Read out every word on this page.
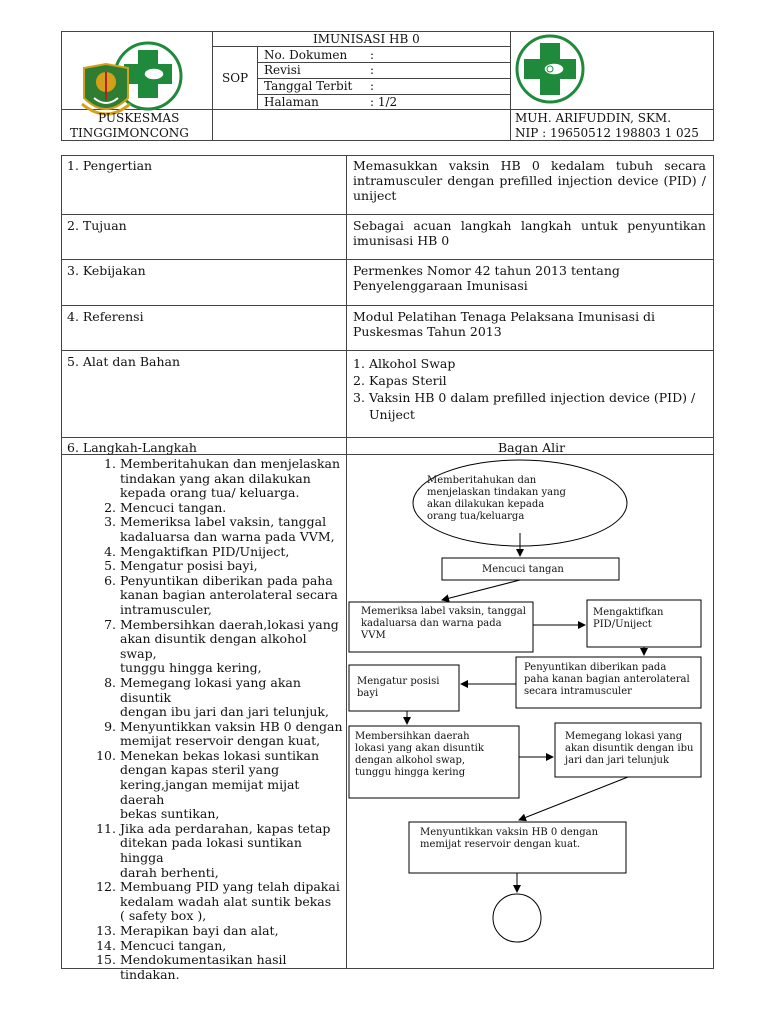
IMUNISASI HB 0
SOP
No. Dokumen :
Revisi	:
Tanggal Terbit :
Halaman	: 1/2
PUSKESMAS
TINGGIMONCONG
MUH. ARIFUDDIN, SKM.
NIP : 19650512 198803 1 025
1. Pengertian	Memasukkan vaksin HB 0 kedalam tubuh secara intramusculer dengan prefilled injection device (PID) / uniject
2. Tujuan	Sebagai acuan langkah langkah untuk penyuntikan imunisasi HB 0
3. Kebijakan	Permenkes Nomor 42 tahun 2013 tentang
Penyelenggaraan Imunisasi
4. Referensi	Modul Pelatihan Tenaga Pelaksana Imunisasi di
Puskesmas Tahun 2013
5. Alat dan Bahan	1. Alkohol Swap
2. Kapas Steril
3. Vaksin HB 0 dalam prefilled injection device (PID) /
Uniject
6. Langkah-Langkah	Bagan Alir
1. Memberitahukan dan menjelaskan
tindakan yang akan dilakukan
kepada orang tua/ keluarga.
2. Mencuci tangan.
3. Memeriksa label vaksin, tanggal
kadaluarsa dan warna pada VVM,
4. Mengaktifkan PID/Uniject,
5. Mengatur posisi bayi,
6. Penyuntikan diberikan pada paha
kanan bagian anterolateral secara
intramusculer,
7. Membersihkan daerah,lokasi yang
akan disuntik dengan alkohol swap,
tunggu hingga kering,
8. Memegang lokasi yang akan disuntik
dengan ibu jari dan jari telunjuk,
9. Menyuntikkan vaksin HB 0 dengan
memijat reservoir dengan kuat,
10. Menekan bekas lokasi suntikan
dengan kapas steril yang
kering,jangan memijat mijat daerah
bekas suntikan,
11. Jika ada perdarahan, kapas tetap
ditekan pada lokasi suntikan hingga
darah berhenti,
12. Membuang PID yang telah dipakai
kedalam wadah alat suntik bekas
( safety box ),
13. Merapikan bayi dan alat,
14. Mencuci tangan,
15. Mendokumentasikan hasil tindakan.
Memberitahukan dan
menjelaskan tindakan yang
akan dilakukan kepada
orang tua/keluarga
Mencuci tangan
Memeriksa label vaksin, tanggal
kadaluarsa dan warna pada
VVM
Mengaktifkan
PID/Uniject
Penyuntikan diberikan pada
paha kanan bagian anterolateral
secara intramusculer
Mengatur posisi
bayi
Membersihkan daerah
lokasi yang akan disuntik
dengan alkohol swap,
tunggu hingga kering
Memegang lokasi yang
akan disuntik dengan ibu
jari dan jari telunjuk
Menyuntikkan vaksin HB 0 dengan
memijat reservoir dengan kuat.
